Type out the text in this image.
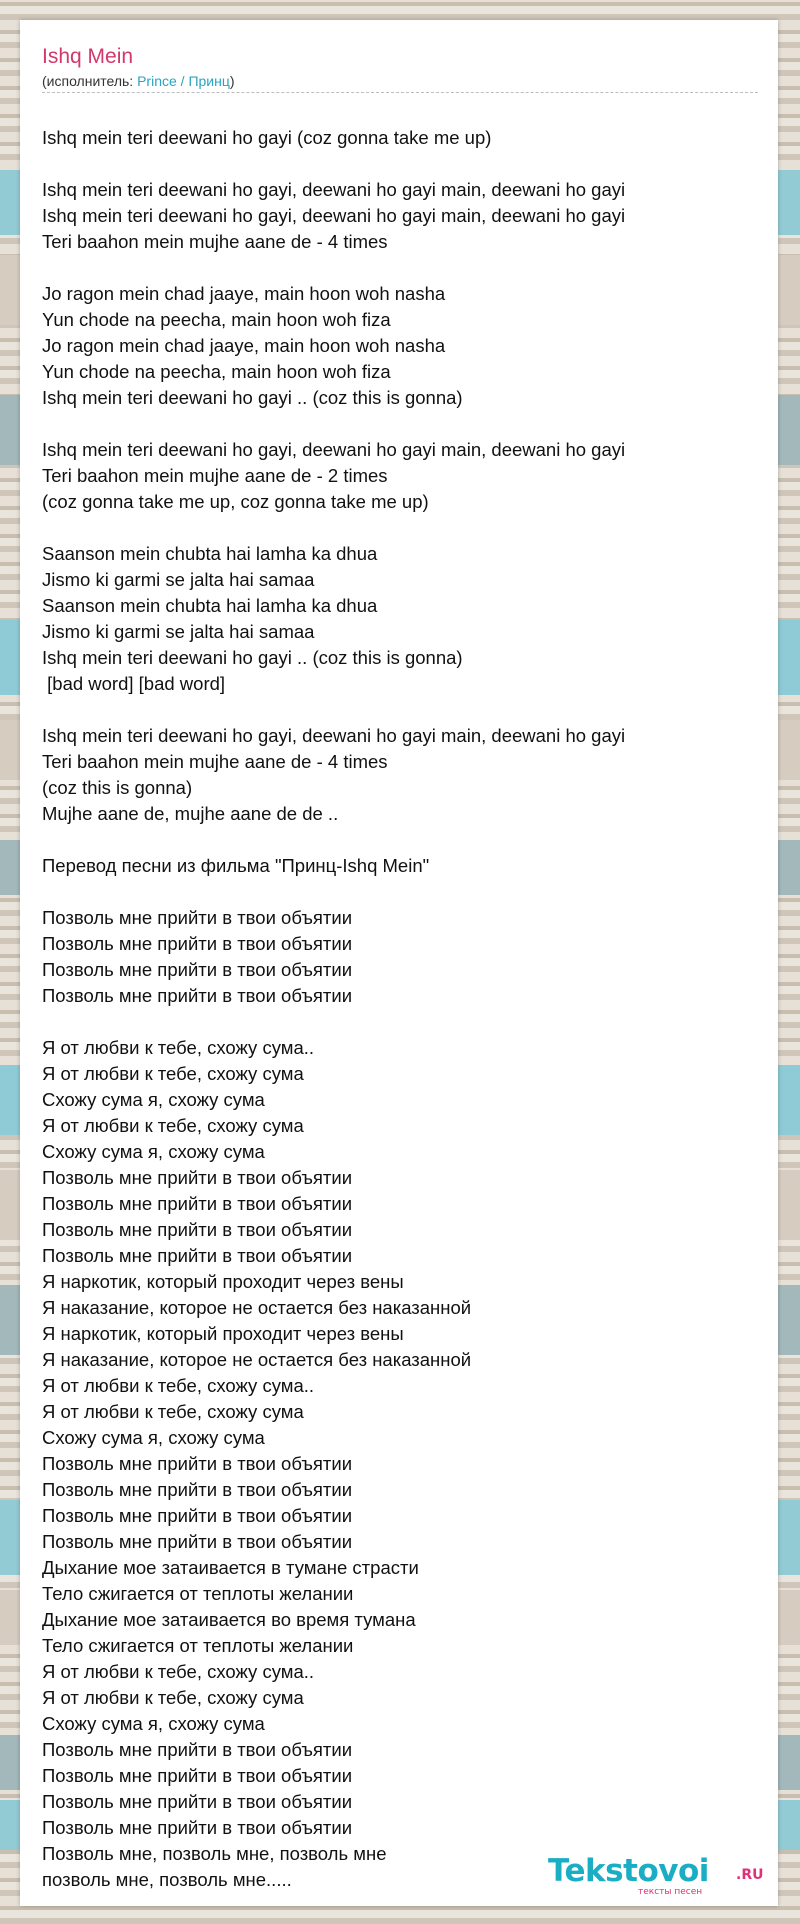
Ishq Mein
(исполнитель: Prince / Принц)
Ishq mein teri deewani ho gayi (coz gonna take me up)
Ishq mein teri deewani ho gayi, deewani ho gayi main, deewani ho gayi
Ishq mein teri deewani ho gayi, deewani ho gayi main, deewani ho gayi
Teri baahon mein mujhe aane de - 4 times
Jo ragon mein chad jaaye, main hoon woh nasha
Yun chode na peecha, main hoon woh fiza
Jo ragon mein chad jaaye, main hoon woh nasha
Yun chode na peecha, main hoon woh fiza
Ishq mein teri deewani ho gayi .. (coz this is gonna)
Ishq mein teri deewani ho gayi, deewani ho gayi main, deewani ho gayi
Teri baahon mein mujhe aane de - 2 times
(coz gonna take me up, coz gonna take me up)
Saanson mein chubta hai lamha ka dhua
Jismo ki garmi se jalta hai samaa
Saanson mein chubta hai lamha ka dhua
Jismo ki garmi se jalta hai samaa
Ishq mein teri deewani ho gayi .. (coz this is gonna)
[bad word] [bad word]
Ishq mein teri deewani ho gayi, deewani ho gayi main, deewani ho gayi
Teri baahon mein mujhe aane de - 4 times
(coz this is gonna)
Mujhe aane de, mujhe aane de de ..
Перевод песни из фильма "Принц-Ishq Mein"
Позволь мне прийти в твои объятии
Позволь мне прийти в твои объятии
Позволь мне прийти в твои объятии
Позволь мне прийти в твои объятии
Я от любви к тебе, схожу сума..
Я от любви к тебе, схожу сума
Схожу сума я, схожу сума
Я от любви к тебе, схожу сума
Схожу сума я, схожу сума
Позволь мне прийти в твои объятии
Позволь мне прийти в твои объятии
Позволь мне прийти в твои объятии
Позволь мне прийти в твои объятии
Я наркотик, который проходит через вены
Я наказание, которое не остается без наказанной
Я наркотик, который проходит через вены
Я наказание, которое не остается без наказанной
Я от любви к тебе, схожу сума..
Я от любви к тебе, схожу сума
Схожу сума я, схожу сума
Позволь мне прийти в твои объятии
Позволь мне прийти в твои объятии
Позволь мне прийти в твои объятии
Позволь мне прийти в твои объятии
Дыхание мое затаивается в тумане страсти
Тело сжигается от теплоты желании
Дыхание мое затаивается во время тумана
Тело сжигается от теплоты желании
Я от любви к тебе, схожу сума..
Я от любви к тебе, схожу сума
Схожу сума я, схожу сума
Позволь мне прийти в твои объятии
Позволь мне прийти в твои объятии
Позволь мне прийти в твои объятии
Позволь мне прийти в твои объятии
Позволь мне, позволь мне, позволь мне
позволь мне, позволь мне.....	Tekstovoi .RU
тексты песен
